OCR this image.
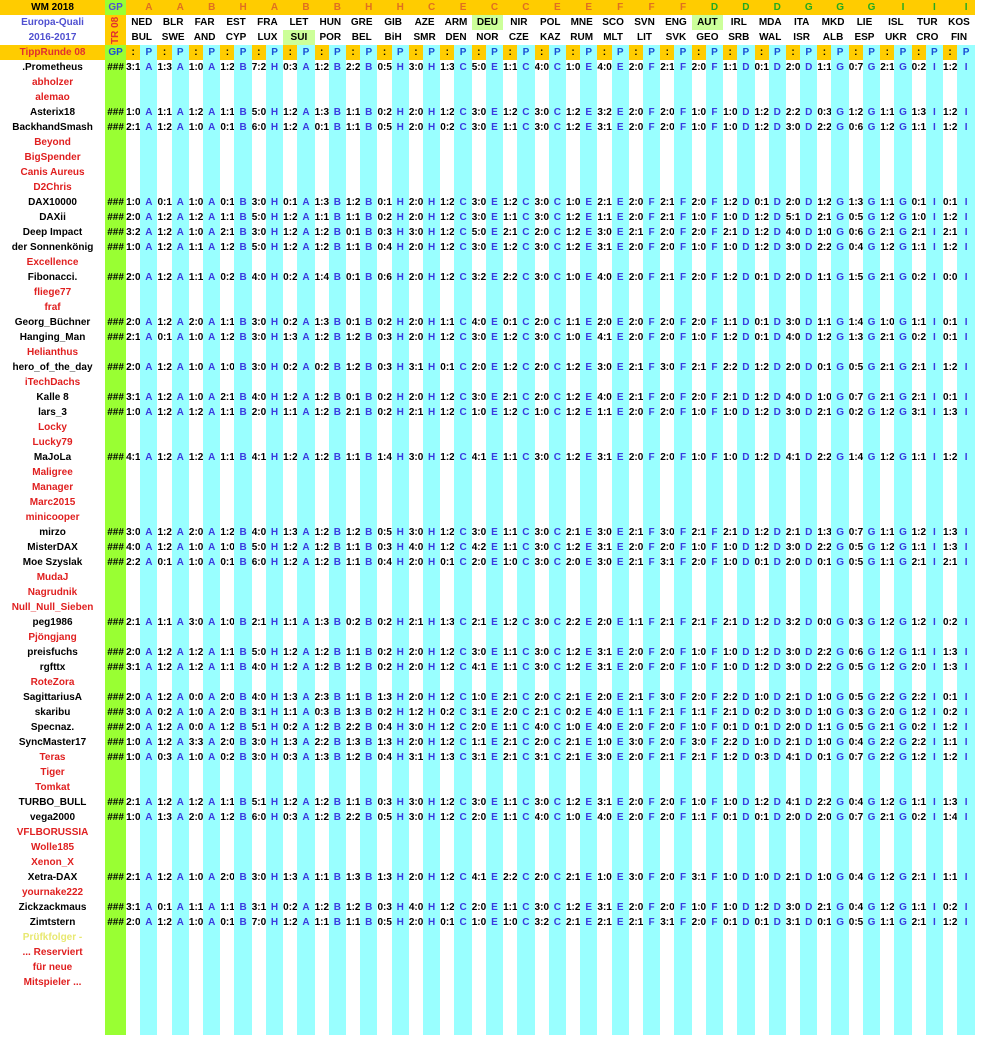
WM 2018	GP		A		A		B		H		A		B		B		H		H		C		E		C		C		E		E		F		F		F		D		D		D		G		G		G		I		I		I
Europa-Quali	TR 08	NED		BLR		FAR		EST		FRA		LET		HUN		GRE		GIB		AZE		ARM		DEU		NIR		POL		MNE		SCO		SVN		ENG		AUT		IRL		MDA		ITA		MKD		LIE		ISL		TUR		KOS	
2016-2017		BUL		SWE		AND		CYP		LUX		SUI		POR		BEL		BiH		SMR		DEN		NOR		CZE		KAZ		RUM		MLT		LIT		SVK		GEO		SRB		WAL		ISR		ALB		ESP		UKR		CRO		FIN	
TippRunde 08	GP	:	P	:	P	:	P	:	P	:	P	:	P	:	P	:	P	:	P	:	P	:	P	:	P	:	P	:	P	:	P	:	P	:	P	:	P	:	P	:	P	:	P	:	P	:	P	:	P	:	P	:	P	:	P
.Prometheus	###	3:1	A	1:3	A	1:0	A	1:2	B	7:2	H	0:3	A	1:2	B	2:2	B	0:5	H	3:0	H	1:3	C	5:0	E	1:1	C	4:0	C	1:0	E	4:0	E	2:0	F	2:1	F	2:0	F	1:1	D	0:1	D	2:0	D	1:1	G	0:7	G	2:1	G	0:2	I	1:2	I
abholzer																																																							
alemao																																																							
Asterix18	###	1:0	A	1:1	A	1:2	A	1:1	B	5:0	H	1:2	A	1:3	B	1:1	B	0:2	H	2:0	H	1:2	C	3:0	E	1:2	C	3:0	C	1:2	E	3:2	E	2:0	F	2:0	F	1:0	F	1:0	D	1:2	D	2:2	D	0:3	G	1:2	G	1:1	G	1:3	I	1:2	I
BackhandSmash	###	2:1	A	1:2	A	1:0	A	0:1	B	6:0	H	1:2	A	0:1	B	1:1	B	0:5	H	2:0	H	0:2	C	3:0	E	1:1	C	3:0	C	1:2	E	3:1	E	2:0	F	2:0	F	1:0	F	1:0	D	1:2	D	3:0	D	2:2	G	0:6	G	1:2	G	1:1	I	1:2	I
Beyond																																																							
BigSpender																																																							
Canis Aureus																																																							
D2Chris																																																							
DAX10000	###	1:0	A	0:1	A	1:0	A	0:1	B	3:0	H	0:1	A	1:3	B	1:2	B	0:1	H	2:0	H	1:2	C	3:0	E	1:2	C	3:0	C	1:0	E	2:1	E	2:0	F	2:1	F	2:0	F	1:2	D	0:1	D	2:0	D	1:2	G	1:3	G	1:1	G	0:1	I	0:1	I
DAXii	###	2:0	A	1:2	A	1:2	A	1:1	B	5:0	H	1:2	A	1:1	B	1:1	B	0:2	H	2:0	H	1:2	C	3:0	E	1:1	C	3:0	C	1:2	E	1:1	E	2:0	F	2:1	F	1:0	F	1:0	D	1:2	D	5:1	D	2:1	G	0:5	G	1:2	G	1:0	I	1:2	I
Deep Impact	###	3:2	A	1:2	A	1:0	A	2:1	B	3:0	H	1:2	A	1:2	B	0:1	B	0:3	H	3:0	H	1:2	C	5:0	E	2:1	C	2:0	C	1:2	E	3:0	E	2:1	F	2:0	F	2:0	F	2:1	D	1:2	D	4:0	D	1:0	G	0:6	G	2:1	G	2:1	I	2:1	I
der Sonnenkönig	###	1:0	A	1:2	A	1:1	A	1:2	B	5:0	H	1:2	A	1:2	B	1:1	B	0:4	H	2:0	H	1:2	C	3:0	E	1:2	C	3:0	C	1:2	E	3:1	E	2:0	F	2:0	F	1:0	F	1:0	D	1:2	D	3:0	D	2:2	G	0:4	G	1:2	G	1:1	I	1:2	I
Excellence																																																							
Fibonacci.	###	2:0	A	1:2	A	1:1	A	0:2	B	4:0	H	0:2	A	1:4	B	0:1	B	0:6	H	2:0	H	1:2	C	3:2	E	2:2	C	3:0	C	1:0	E	4:0	E	2:0	F	2:1	F	2:0	F	1:2	D	0:1	D	2:0	D	1:1	G	1:5	G	2:1	G	0:2	I	0:0	I
fliege77																																																							
fraf																																																							
Georg_Büchner	###	2:0	A	1:2	A	2:0	A	1:1	B	3:0	H	0:2	A	1:3	B	0:1	B	0:2	H	2:0	H	1:1	C	4:0	E	0:1	C	2:0	C	1:1	E	2:0	E	2:0	F	2:0	F	2:0	F	1:1	D	0:1	D	3:0	D	1:1	G	1:4	G	1:0	G	1:1	I	0:1	I
Hanging_Man	###	2:1	A	0:1	A	1:0	A	1:2	B	3:0	H	1:3	A	1:2	B	1:2	B	0:3	H	2:0	H	1:2	C	3:0	E	1:2	C	3:0	C	1:0	E	4:1	E	2:0	F	2:0	F	1:0	F	1:2	D	0:1	D	4:0	D	1:2	G	1:3	G	2:1	G	0:2	I	0:1	I
Helianthus																																																							
hero_of_the_day	###	2:0	A	1:2	A	1:0	A	1:0	B	3:0	H	0:2	A	0:2	B	1:2	B	0:3	H	3:1	H	0:1	C	2:0	E	1:2	C	2:0	C	1:2	E	3:0	E	2:1	F	3:0	F	2:1	F	2:2	D	1:2	D	2:0	D	0:1	G	0:5	G	2:1	G	2:1	I	1:2	I
iTechDachs																																																							
Kalle 8	###	3:1	A	1:2	A	1:0	A	2:1	B	4:0	H	1:2	A	1:2	B	0:1	B	0:2	H	2:0	H	1:2	C	3:0	E	2:1	C	2:0	C	1:2	E	4:0	E	2:1	F	2:0	F	2:0	F	2:1	D	1:2	D	4:0	D	1:0	G	0:7	G	2:1	G	2:1	I	0:1	I
lars_3	###	1:0	A	1:2	A	1:2	A	1:1	B	2:0	H	1:1	A	1:2	B	2:1	B	0:2	H	2:1	H	1:2	C	1:0	E	1:2	C	1:0	C	1:2	E	1:1	E	2:0	F	2:0	F	1:0	F	1:0	D	1:2	D	3:0	D	2:1	G	0:2	G	1:2	G	3:1	I	1:3	I
Locky																																																							
Lucky79																																																							
MaJoLa	###	4:1	A	1:2	A	1:2	A	1:1	B	4:1	H	1:2	A	1:2	B	1:1	B	1:4	H	3:0	H	1:2	C	4:1	E	1:1	C	3:0	C	1:2	E	3:1	E	2:0	F	2:0	F	1:0	F	1:0	D	1:2	D	4:1	D	2:2	G	1:4	G	1:2	G	1:1	I	1:2	I
Maligree																																																							
Manager																																																							
Marc2015																																																							
minicooper																																																							
mirzo	###	3:0	A	1:2	A	2:0	A	1:2	B	4:0	H	1:3	A	1:2	B	1:2	B	0:5	H	3:0	H	1:2	C	3:0	E	1:1	C	3:0	C	2:1	E	3:0	E	2:1	F	3:0	F	2:1	F	2:1	D	1:2	D	2:1	D	1:3	G	0:7	G	1:1	G	1:2	I	1:3	I
MisterDAX	###	4:0	A	1:2	A	1:0	A	1:0	B	5:0	H	1:2	A	1:2	B	1:1	B	0:3	H	4:0	H	1:2	C	4:2	E	1:1	C	3:0	C	1:2	E	3:1	E	2:0	F	2:0	F	1:0	F	1:0	D	1:2	D	3:0	D	2:2	G	0:5	G	1:2	G	1:1	I	1:3	I
Moe Szyslak	###	2:2	A	0:1	A	1:0	A	0:1	B	6:0	H	1:2	A	1:2	B	1:1	B	0:4	H	2:0	H	0:1	C	2:0	E	1:0	C	3:0	C	2:0	E	3:0	E	2:1	F	3:1	F	2:0	F	1:0	D	0:1	D	2:0	D	0:1	G	0:5	G	1:1	G	2:1	I	2:1	I
MudaJ																																																							
Nagrudnik																																																							
Null_Null_Sieben																																																							
peg1986	###	2:1	A	1:1	A	3:0	A	1:0	B	2:1	H	1:1	A	1:3	B	0:2	B	0:2	H	2:1	H	1:3	C	2:1	E	1:2	C	3:0	C	2:2	E	2:0	E	1:1	F	2:1	F	2:1	F	2:1	D	1:2	D	3:2	D	0:0	G	0:3	G	1:2	G	1:2	I	0:2	I
Pjöngjang																																																							
preisfuchs	###	2:0	A	1:2	A	1:2	A	1:1	B	5:0	H	1:2	A	1:2	B	1:1	B	0:2	H	2:0	H	1:2	C	3:0	E	1:1	C	3:0	C	1:2	E	3:1	E	2:0	F	2:0	F	1:0	F	1:0	D	1:2	D	3:0	D	2:2	G	0:6	G	1:2	G	1:1	I	1:3	I
rgfttx	###	3:1	A	1:2	A	1:2	A	1:1	B	4:0	H	1:2	A	1:2	B	1:2	B	0:2	H	2:0	H	1:2	C	4:1	E	1:1	C	3:0	C	1:2	E	3:1	E	2:0	F	2:0	F	1:0	F	1:0	D	1:2	D	3:0	D	2:2	G	0:5	G	1:2	G	2:0	I	1:3	I
RoteZora																																																							
SagittariusA	###	2:0	A	1:2	A	0:0	A	2:0	B	4:0	H	1:3	A	2:3	B	1:1	B	1:3	H	2:0	H	1:2	C	1:0	E	2:1	C	2:0	C	2:1	E	2:0	E	2:1	F	3:0	F	2:0	F	2:2	D	1:0	D	2:1	D	1:0	G	0:5	G	2:2	G	2:2	I	0:1	I
skaribu	###	3:0	A	0:2	A	1:0	A	2:0	B	3:1	H	1:1	A	0:3	B	1:3	B	0:2	H	1:2	H	0:2	C	3:1	E	2:0	C	2:1	C	0:2	E	4:0	E	1:1	F	2:1	F	1:1	F	2:1	D	0:2	D	3:0	D	1:0	G	0:3	G	2:0	G	1:2	I	0:2	I
Specnaz.	###	2:0	A	1:2	A	0:0	A	1:2	B	5:1	H	0:2	A	1:2	B	2:2	B	0:4	H	3:0	H	1:2	C	2:0	E	1:1	C	4:0	C	1:0	E	4:0	E	2:0	F	2:0	F	1:0	F	0:1	D	0:1	D	2:0	D	1:1	G	0:5	G	2:1	G	0:2	I	1:2	I
SyncMaster17	###	1:0	A	1:2	A	3:3	A	2:0	B	3:0	H	1:3	A	2:2	B	1:3	B	1:3	H	2:0	H	1:2	C	1:1	E	2:1	C	2:0	C	2:1	E	1:0	E	3:0	F	2:0	F	3:0	F	2:2	D	1:0	D	2:1	D	1:0	G	0:4	G	2:2	G	2:2	I	1:1	I
Teras	###	1:0	A	0:3	A	1:0	A	0:2	B	3:0	H	0:3	A	1:3	B	1:2	B	0:4	H	3:1	H	1:3	C	3:1	E	2:1	C	3:1	C	2:1	E	3:0	E	2:0	F	2:1	F	2:1	F	1:2	D	0:3	D	4:1	D	0:1	G	0:7	G	2:2	G	1:2	I	1:2	I
Tiger																																																							
Tomkat																																																							
TURBO_BULL	###	2:1	A	1:2	A	1:2	A	1:1	B	5:1	H	1:2	A	1:2	B	1:1	B	0:3	H	3:0	H	1:2	C	3:0	E	1:1	C	3:0	C	1:2	E	3:1	E	2:0	F	2:0	F	1:0	F	1:0	D	1:2	D	4:1	D	2:2	G	0:4	G	1:2	G	1:1	I	1:3	I
vega2000	###	1:0	A	1:3	A	2:0	A	1:2	B	6:0	H	0:3	A	1:2	B	2:2	B	0:5	H	3:0	H	1:2	C	2:0	E	1:1	C	4:0	C	1:0	E	4:0	E	2:0	F	2:0	F	1:1	F	0:1	D	0:1	D	2:0	D	2:0	G	0:7	G	2:1	G	0:2	I	1:4	I
VFLBORUSSIA																																																							
Wolle185																																																							
Xenon_X																																																							
Xetra-DAX	###	2:1	A	1:2	A	1:0	A	2:0	B	3:0	H	1:3	A	1:1	B	1:3	B	1:3	H	2:0	H	1:2	C	4:1	E	2:2	C	2:0	C	2:1	E	1:0	E	3:0	F	2:0	F	3:1	F	1:0	D	1:0	D	2:1	D	1:0	G	0:4	G	1:2	G	2:1	I	1:1	I
yournake222																																																							
Zickzackmaus	###	3:1	A	0:1	A	1:1	A	1:1	B	3:1	H	0:2	A	1:2	B	1:2	B	0:3	H	4:0	H	1:2	C	2:0	E	1:1	C	3:0	C	1:2	E	3:1	E	2:0	F	2:0	F	1:0	F	1:0	D	1:2	D	3:0	D	2:1	G	0:4	G	1:2	G	1:1	I	0:2	I
Zimtstern	###	2:0	A	1:2	A	1:0	A	0:1	B	7:0	H	1:2	A	1:1	B	1:1	B	0:5	H	2:0	H	0:1	C	1:0	E	1:0	C	3:2	C	2:1	E	2:1	E	2:1	F	3:1	F	2:0	F	0:1	D	0:1	D	3:1	D	0:1	G	0:5	G	1:1	G	2:1	I	1:2	I
Prüfkfolger -																																																							
... Reserviert																																																							
für neue																																																							
Mitspieler ...																																																							
